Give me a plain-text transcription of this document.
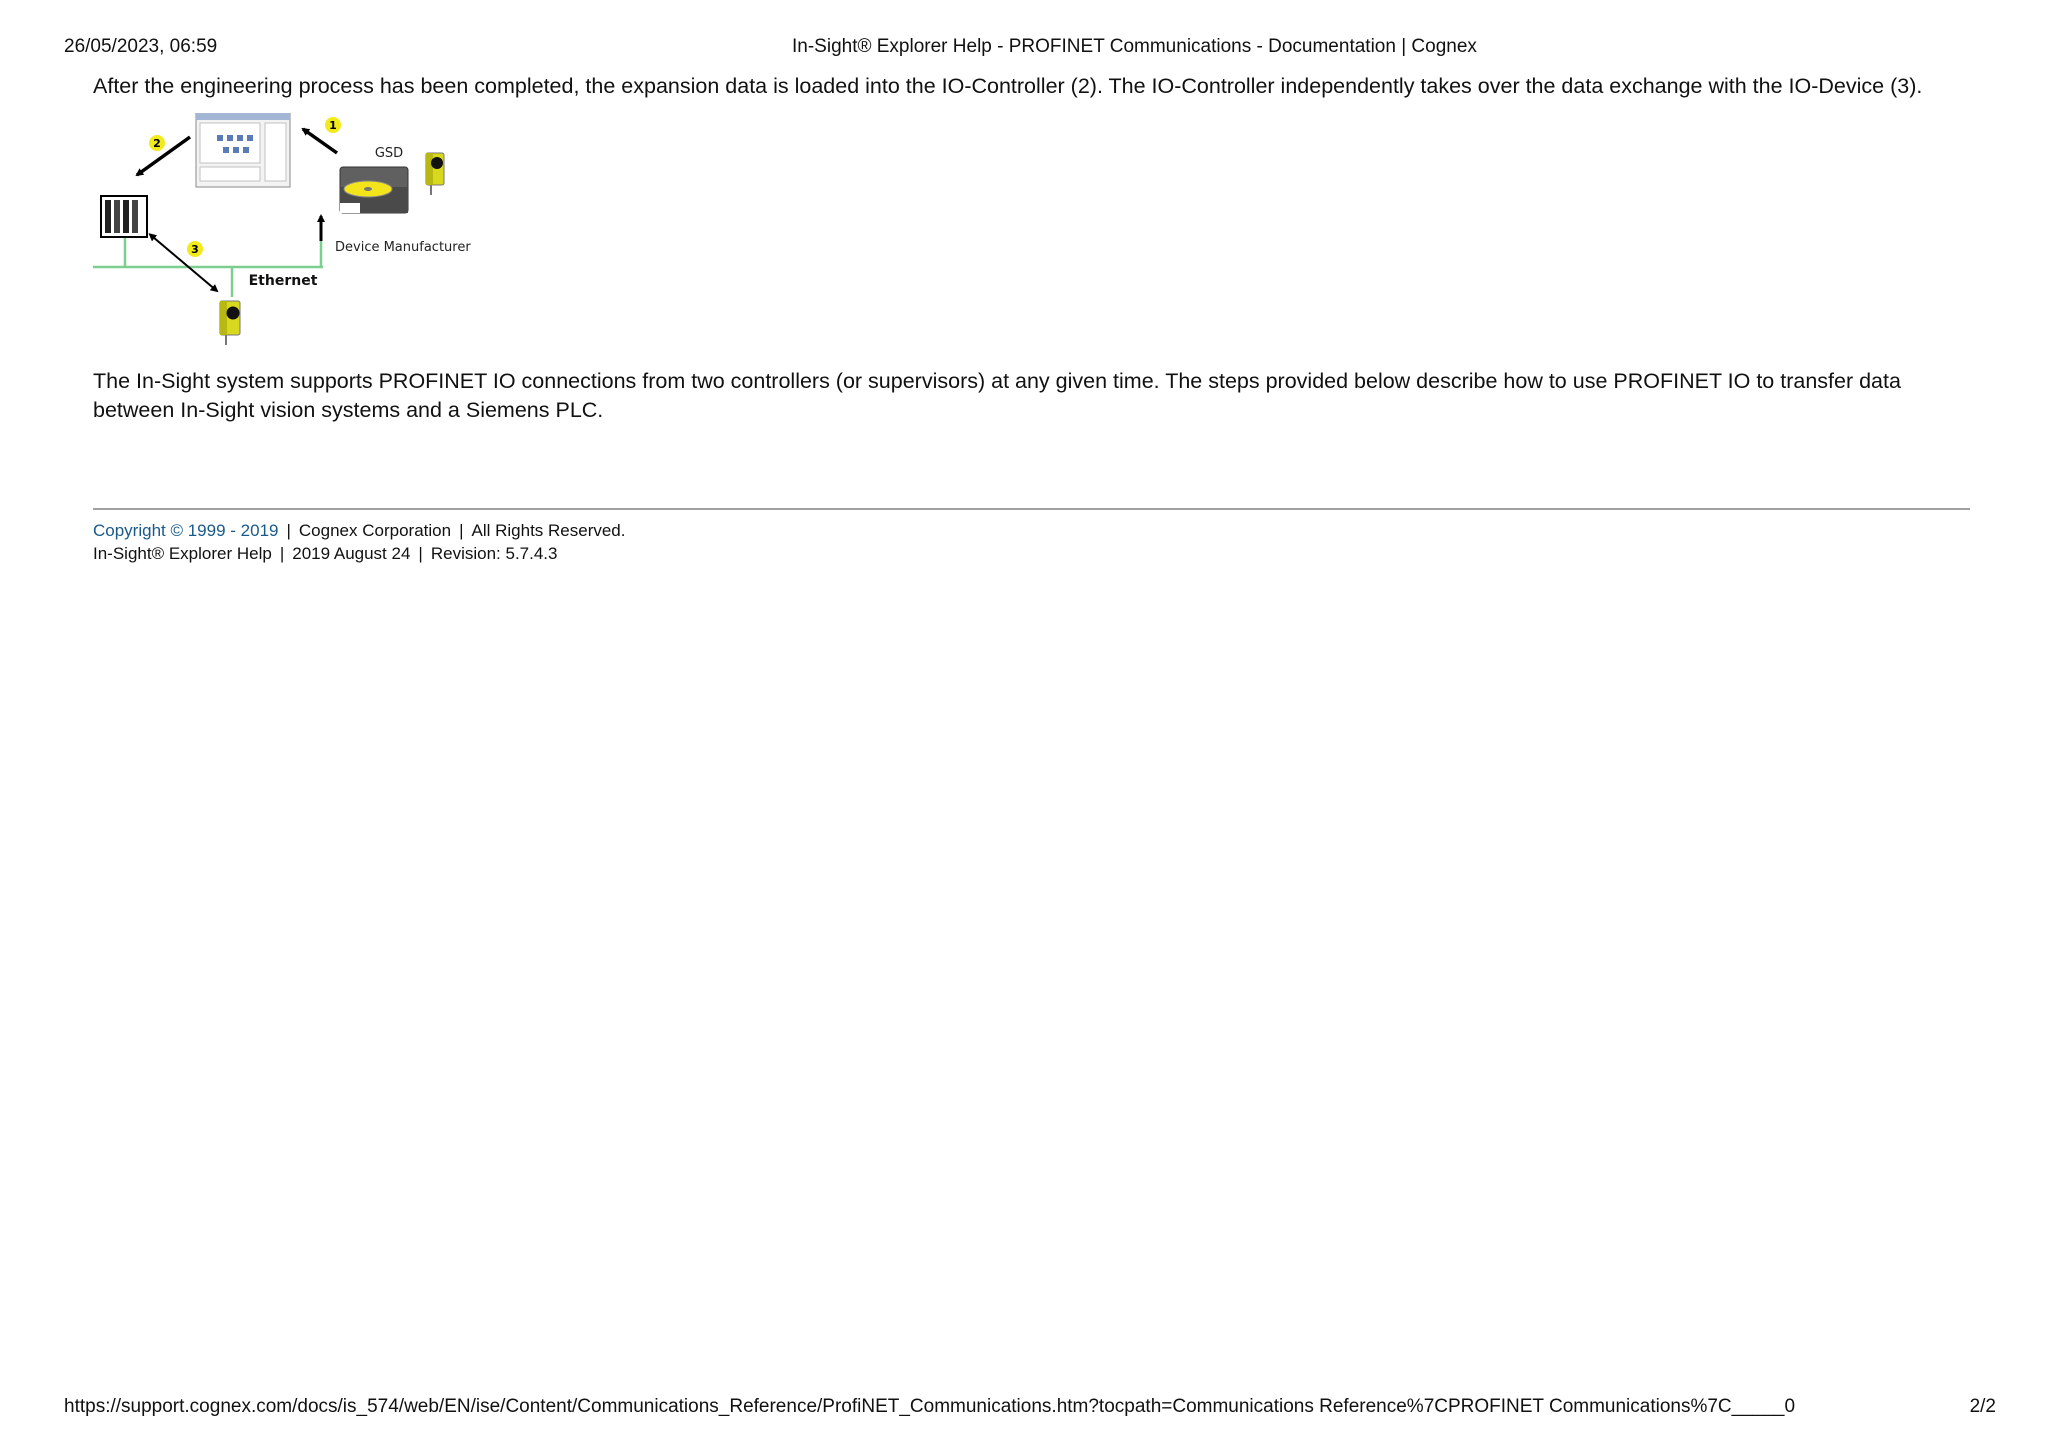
26/05/2023, 06:59	In-Sight® Explorer Help - PROFINET Communications - Documentation | Cognex

After the engineering process has been completed, the expansion data is loaded into the IO-Controller (2). The IO-Controller independently takes over the data exchange with the IO-Device (3).

2
1
GSD
Device Manufacturer
3
Ethernet

The In-Sight system supports PROFINET IO connections from two controllers (or supervisors) at any given time. The steps provided below describe how to use PROFINET IO to transfer data between In-Sight vision systems and a Siemens PLC.

Copyright © 1999 - 2019 | Cognex Corporation | All Rights Reserved.
In-Sight® Explorer Help | 2019 August 24 | Revision: 5.7.4.3
https://support.cognex.com/docs/is_574/web/EN/ise/Content/Communications_Reference/ProfiNET_Communications.htm?tocpath=Communications Reference%7CPROFINET Communications%7C_____0	2/2
